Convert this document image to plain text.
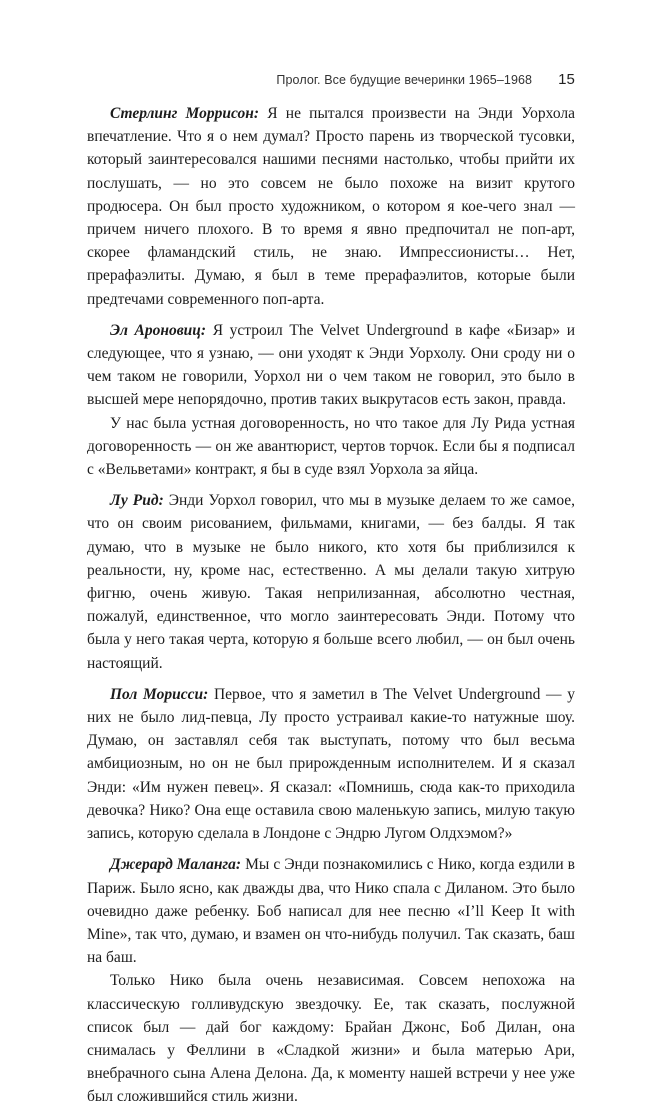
Пролог. Все будущие вечеринки 1965–1968 15

Стерлинг Моррисон: Я не пытался произвести на Энди Уорхола впечатление. Что я о нем думал? Просто парень из творческой тусовки, который заинтересовался нашими песнями настолько, чтобы прийти их послушать, — но это совсем не было похоже на визит крутого продюсера. Он был просто художником, о котором я кое-чего знал — причем ничего плохого. В то время я явно предпочитал не поп-арт, скорее фламандский стиль, не знаю. Импрессионисты… Нет, прерафаэлиты. Думаю, я был в теме прерафаэлитов, которые были предтечами современного поп-арта.

Эл Ароновиц: Я устроил The Velvet Underground в кафе «Бизар» и следующее, что я узнаю, — они уходят к Энди Уорхолу. Они сроду ни о чем таком не говорили, Уорхол ни о чем таком не говорил, это было в высшей мере непорядочно, против таких выкрутасов есть закон, правда.

У нас была устная договоренность, но что такое для Лу Рида устная договоренность — он же авантюрист, чертов торчок. Если бы я подписал с «Вельветами» контракт, я бы в суде взял Уорхола за яйца.

Лу Рид: Энди Уорхол говорил, что мы в музыке делаем то же самое, что он своим рисованием, фильмами, книгами, — без балды. Я так думаю, что в музыке не было никого, кто хотя бы приблизился к реальности, ну, кроме нас, естественно. А мы делали такую хитрую фигню, очень живую. Такая неприлизанная, абсолютно честная, пожалуй, единственное, что могло заинтересовать Энди. Потому что была у него такая черта, которую я больше всего любил, — он был очень настоящий.

Пол Морисси: Первое, что я заметил в The Velvet Underground — у них не было лид-певца, Лу просто устраивал какие-то натужные шоу. Думаю, он заставлял себя так выступать, потому что был весьма амбициозным, но он не был прирожденным исполнителем. И я сказал Энди: «Им нужен певец». Я сказал: «Помнишь, сюда как-то приходила девочка? Нико? Она еще оставила свою маленькую запись, милую такую запись, которую сделала в Лондоне с Эндрю Лугом Олдхэмом?»

Джерард Маланга: Мы с Энди познакомились с Нико, когда ездили в Париж. Было ясно, как дважды два, что Нико спала с Диланом. Это было очевидно даже ребенку. Боб написал для нее песню «I’ll Keep It with Mine», так что, думаю, и взамен он что-нибудь получил. Так сказать, баш на баш.

Только Нико была очень независимая. Совсем непохожа на классическую голливудскую звездочку. Ее, так сказать, послужной список был — дай бог каждому: Брайан Джонс, Боб Дилан, она снималась у Феллини в «Сладкой жизни» и была матерью Ари, внебрачного сына Алена Делона. Да, к моменту нашей встречи у нее уже был сложившийся стиль жизни.
